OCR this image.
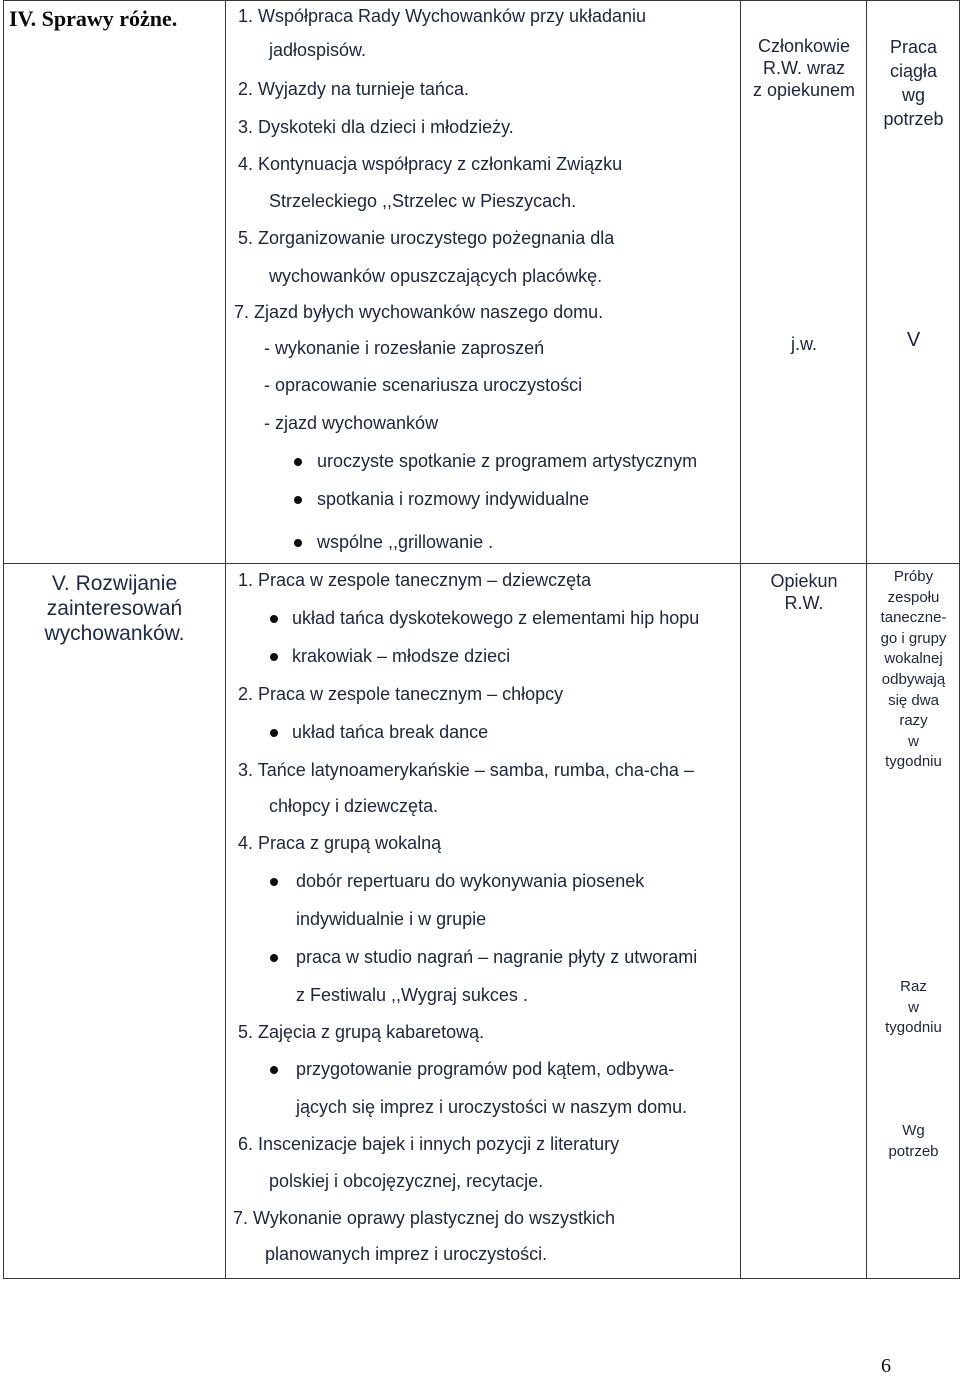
IV. Sprawy różne.	1. Współpraca Rady Wychowanków przy układaniu
jadłospisów.
2. Wyjazdy na turnieje tańca.
3. Dyskoteki dla dzieci i młodzieży.
4. Kontynuacja współpracy z członkami Związku
Strzeleckiego ,,Strzelec w Pieszycach.
5. Zorganizowanie uroczystego pożegnania dla
wychowanków opuszczających placówkę.
7. Zjazd byłych wychowanków naszego domu.
- wykonanie i rozesłanie zaproszeń
- opracowanie scenariusza uroczystości
- zjazd wychowanków
uroczyste spotkanie z programem artystycznym
spotkania i rozmowy indywidualne
wspólne ,,grillowanie .
Członkowie
R.W. wraz
z opiekunem
j.w.
Praca
ciągła
wg
potrzeb
V
V. Rozwijanie
zainteresowań
wychowanków.
1. Praca w zespole tanecznym – dziewczęta
układ tańca dyskotekowego z elementami hip hopu
krakowiak – młodsze dzieci
2. Praca w zespole tanecznym – chłopcy
układ tańca break dance
3. Tańce latynoamerykańskie – samba, rumba, cha-cha –
chłopcy i dziewczęta.
4. Praca z grupą wokalną
dobór repertuaru do wykonywania piosenek
indywidualnie i w grupie
praca w studio nagrań – nagranie płyty z utworami
z Festiwalu ,,Wygraj sukces .
5. Zajęcia z grupą kabaretową.
przygotowanie programów pod kątem, odbywa-
jących się imprez i uroczystości w naszym domu.
6. Inscenizacje bajek i innych pozycji z literatury
polskiej i obcojęzycznej, recytacje.
7. Wykonanie oprawy plastycznej do wszystkich
planowanych imprez i uroczystości.
Opiekun
R.W.
Próby
zespołu
taneczne-
go i grupy
wokalnej
odbywają
się dwa
razy
w
tygodniu
Raz
w
tygodniu
Wg
potrzeb
6
